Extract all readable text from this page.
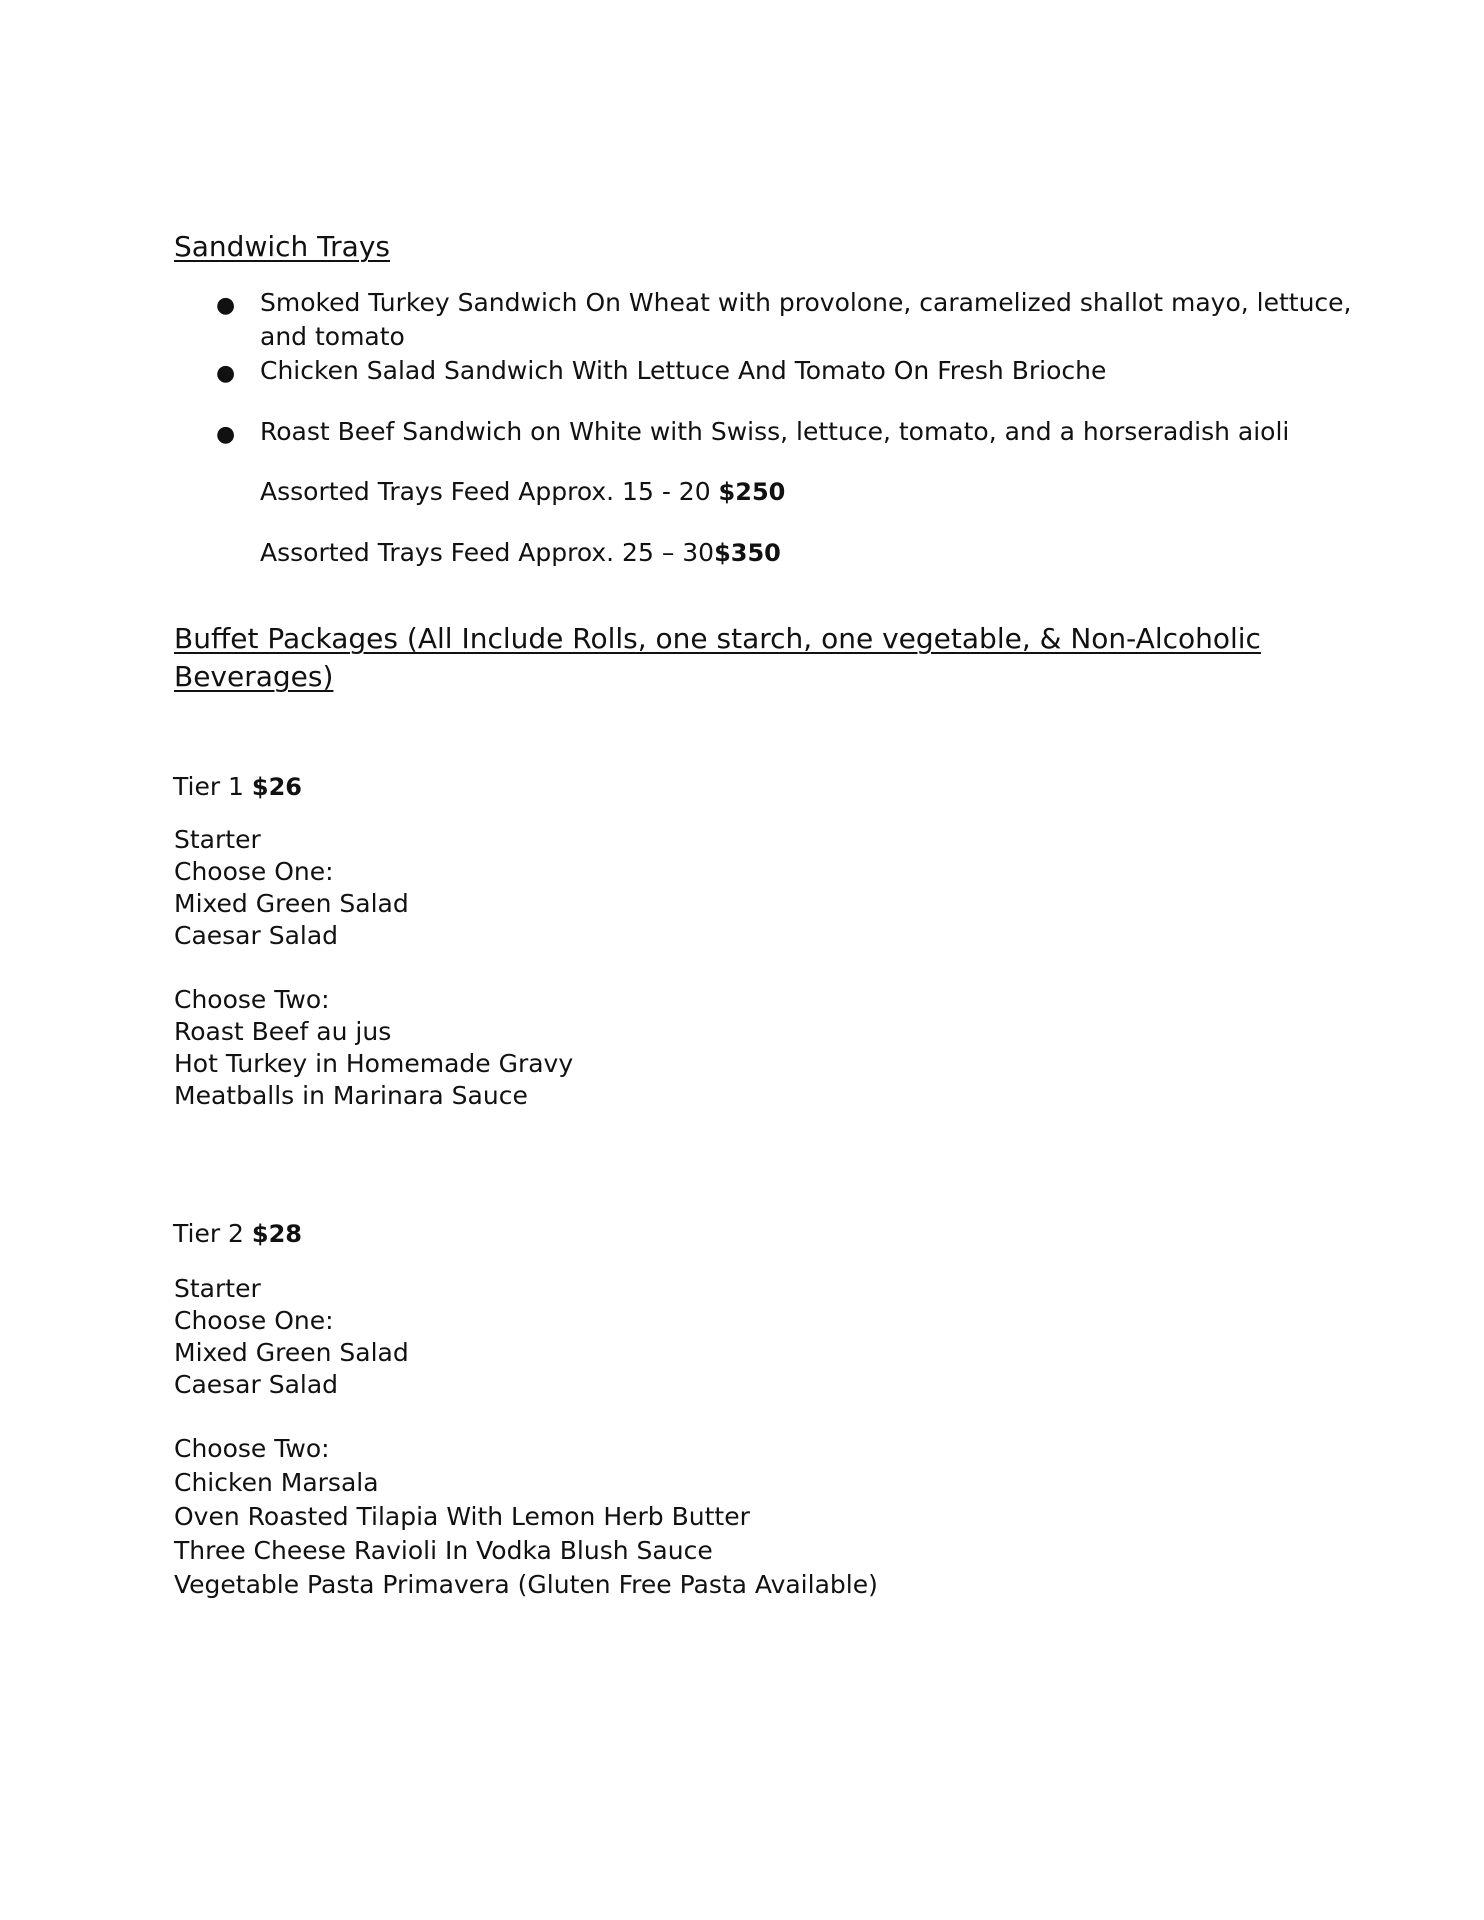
Sandwich Trays
● Smoked Turkey Sandwich On Wheat with provolone, caramelized shallot mayo, lettuce,
and tomato
● Chicken Salad Sandwich With Lettuce And Tomato On Fresh Brioche
● Roast Beef Sandwich on White with Swiss, lettuce, tomato, and a horseradish aioli
Assorted Trays Feed Approx. 15 - 20 $250
Assorted Trays Feed Approx. 25 – 30$350
Buffet Packages (All Include Rolls, one starch, one vegetable, & Non-Alcoholic
Beverages)
Tier 1 $26
Starter
Choose One:
Mixed Green Salad
Caesar Salad
Choose Two:
Roast Beef au jus
Hot Turkey in Homemade Gravy
Meatballs in Marinara Sauce
Tier 2 $28
Starter
Choose One:
Mixed Green Salad
Caesar Salad
Choose Two:
Chicken Marsala
Oven Roasted Tilapia With Lemon Herb Butter
Three Cheese Ravioli In Vodka Blush Sauce
Vegetable Pasta Primavera (Gluten Free Pasta Available)
